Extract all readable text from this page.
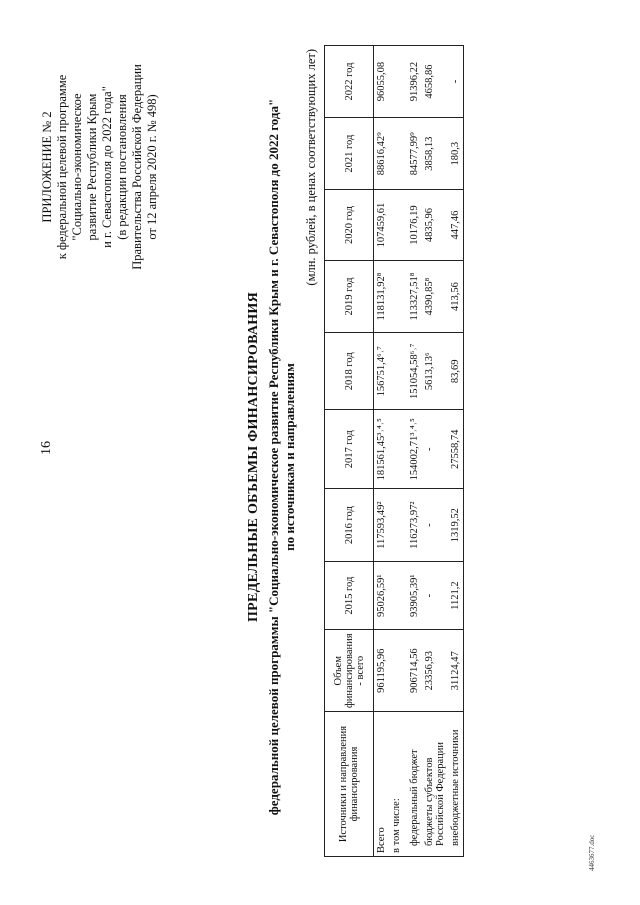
16
ПРИЛОЖЕНИЕ № 2 к федеральной целевой программе "Социально-экономическое развитие Республики Крым и г. Севастополя до 2022 года" (в редакции постановления Правительства Российской Федерации от 12 апреля 2020 г. № 498)
ПРЕДЕЛЬНЫЕ ОБЪЕМЫ ФИНАНСИРОВАНИЯ федеральной целевой программы "Социально-экономическое развитие Республики Крым и г. Севастополя до 2022 года" по источникам и направлениям
(млн. рублей, в ценах соответствующих лет)
Источники и направления финансирования	Объем финансирования - всего	2015 год	2016 год	2017 год	2018 год	2019 год	2020 год	2021 год	2022 год
Всего	961195,96	95026,59¹	117593,49²	181561,45³˒⁴˒⁵	156751,4⁶˒⁷	118131,92⁸	107459,61	88616,42⁹	96055,08
в том числе:									
федеральный бюджет	906714,56	93905,39¹	116273,97²	154002,71³˒⁴˒⁵	151054,58⁶˒⁷	113327,51⁸	10176,19	84577,99⁹	91396,22
бюджеты субъектов Российской Федерации	23356,93	-	-	-	5613,13⁶	4390,85⁸	4835,96	3858,13	4658,86
внебюджетные источники	31124,47	1121,2	1319,52	27558,74	83,69	413,56	447,46	180,3	-
4463677.doc
